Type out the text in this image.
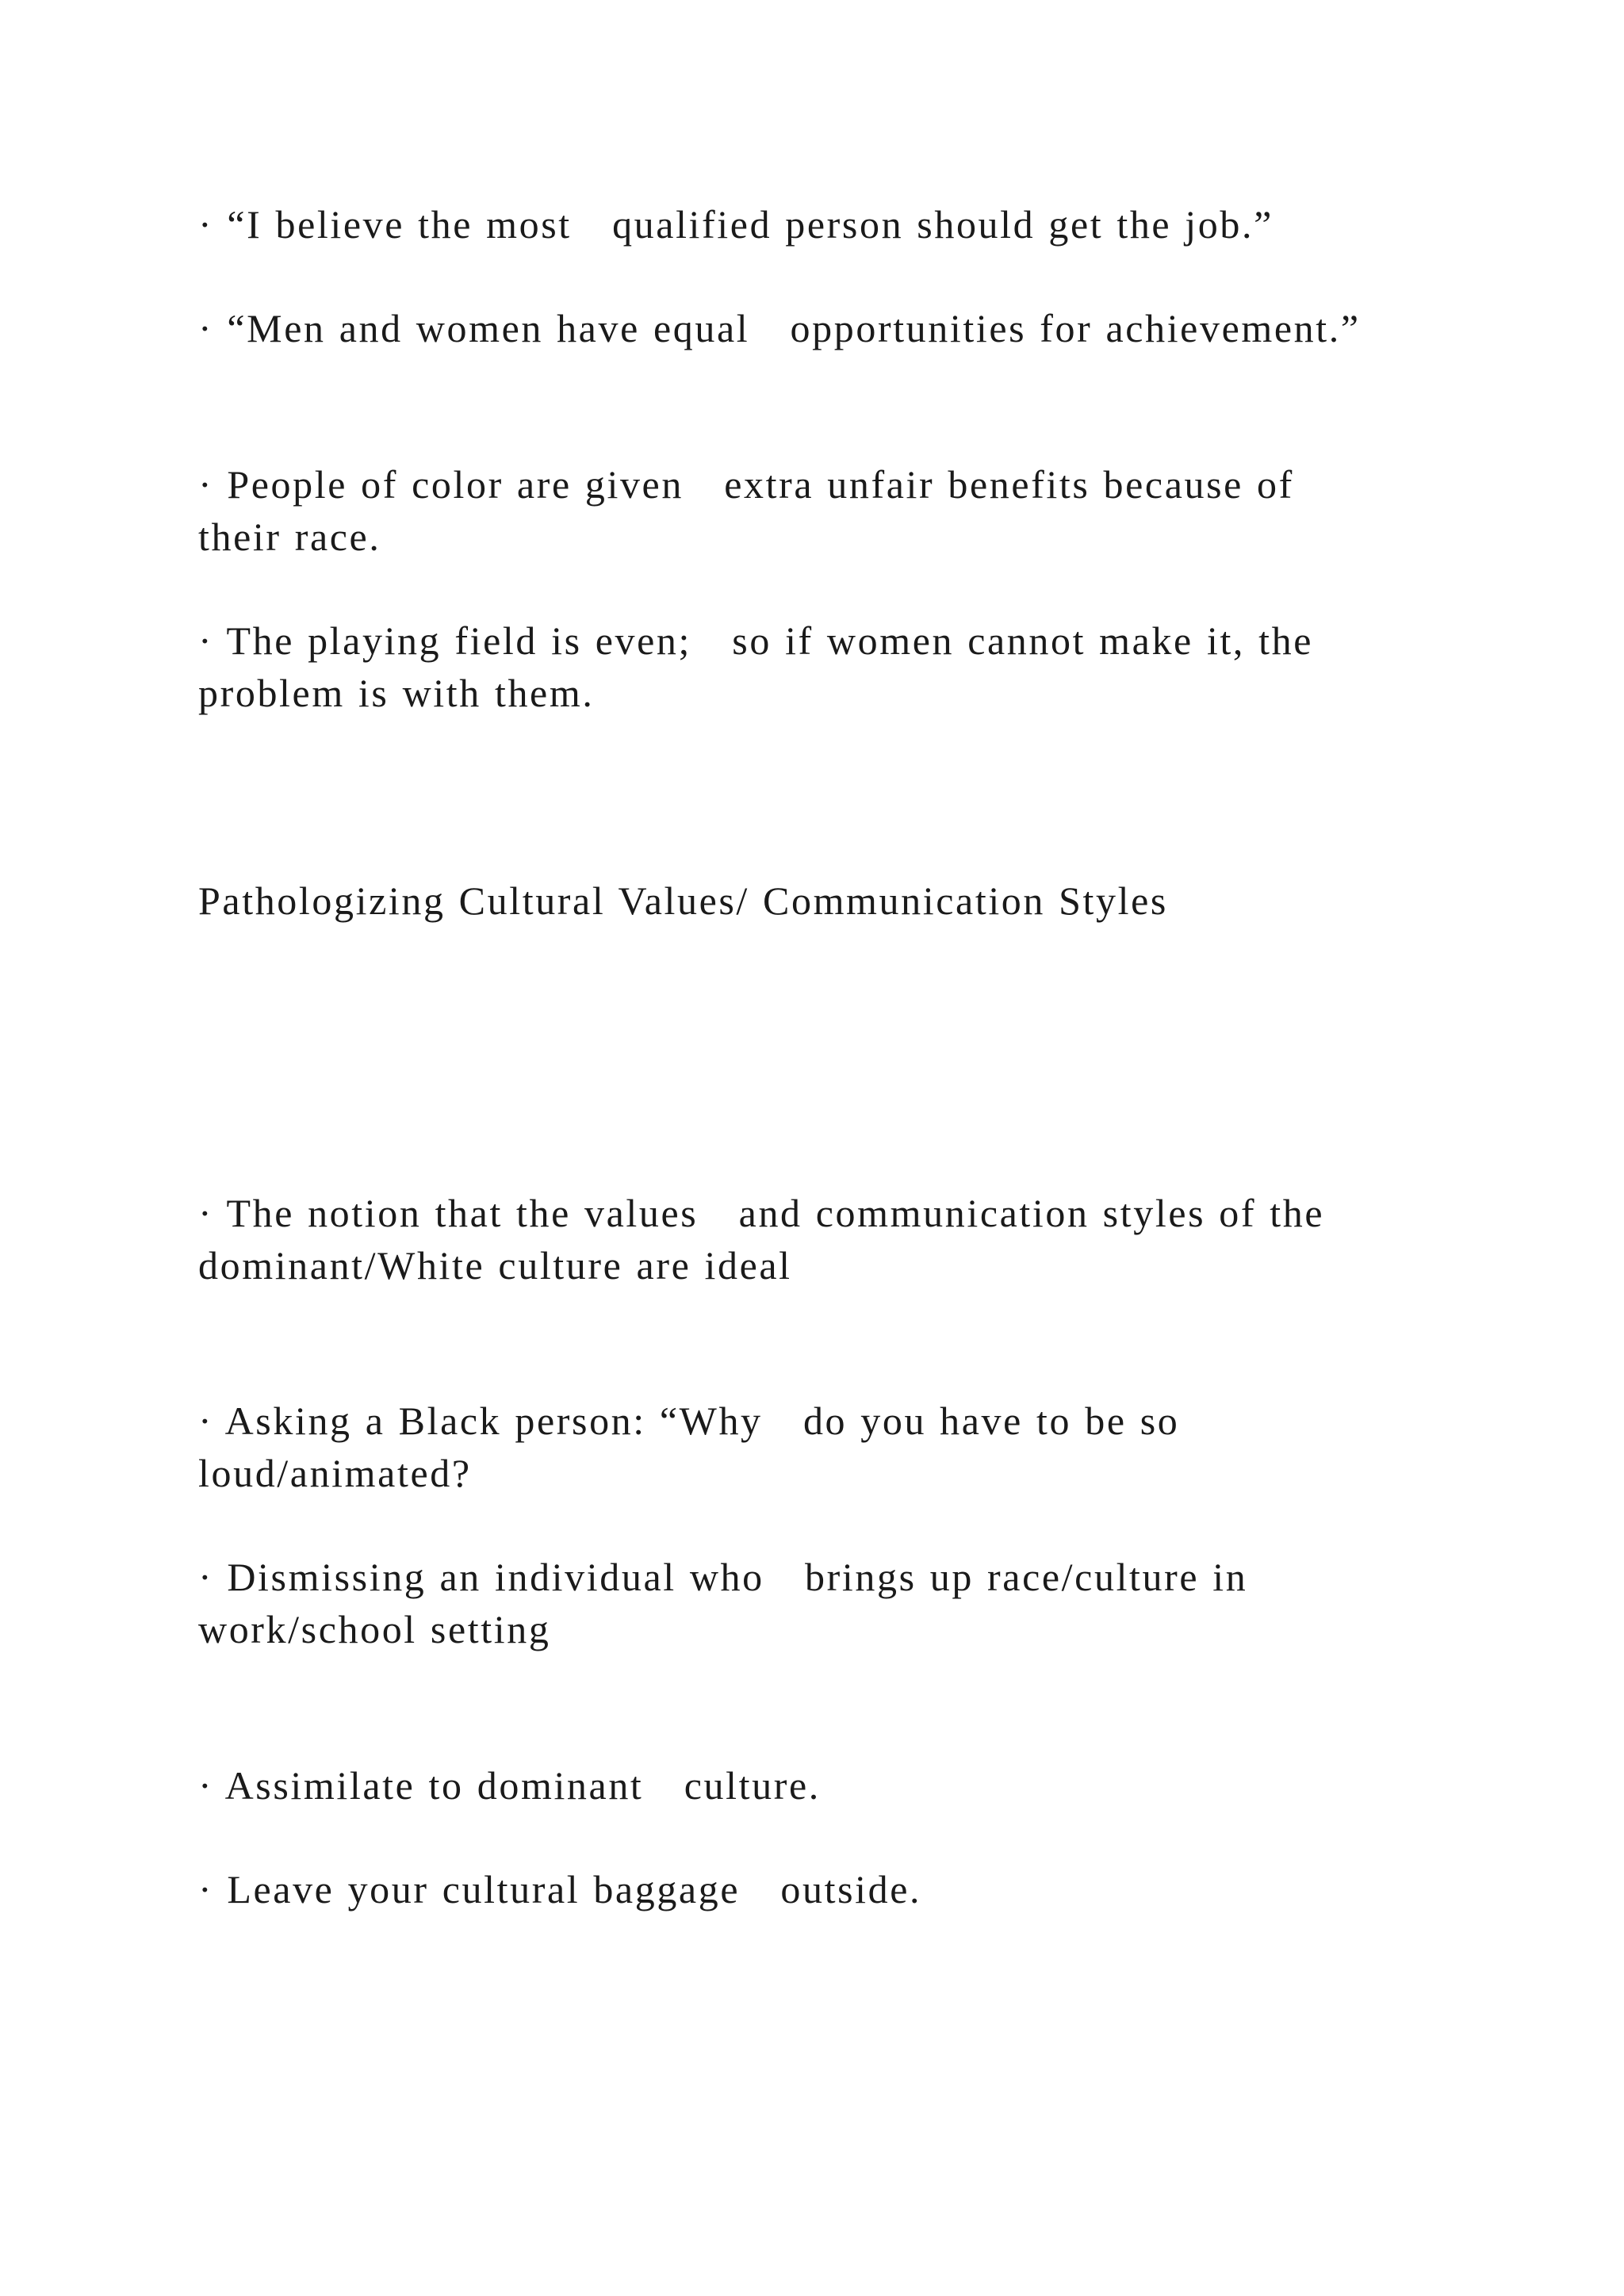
· “I believe the most   qualified person should get the job.”

· “Men and women have equal   opportunities for achievement.”

· People of color are given   extra unfair benefits because of

their race.

· The playing field is even;   so if women cannot make it, the

problem is with them.

Pathologizing Cultural Values/ Communication Styles

· The notion that the values   and communication styles of the

dominant/White culture are ideal

· Asking a Black person: “Why   do you have to be so

loud/animated?

· Dismissing an individual who   brings up race/culture in

work/school setting

· Assimilate to dominant   culture.

· Leave your cultural baggage   outside.
